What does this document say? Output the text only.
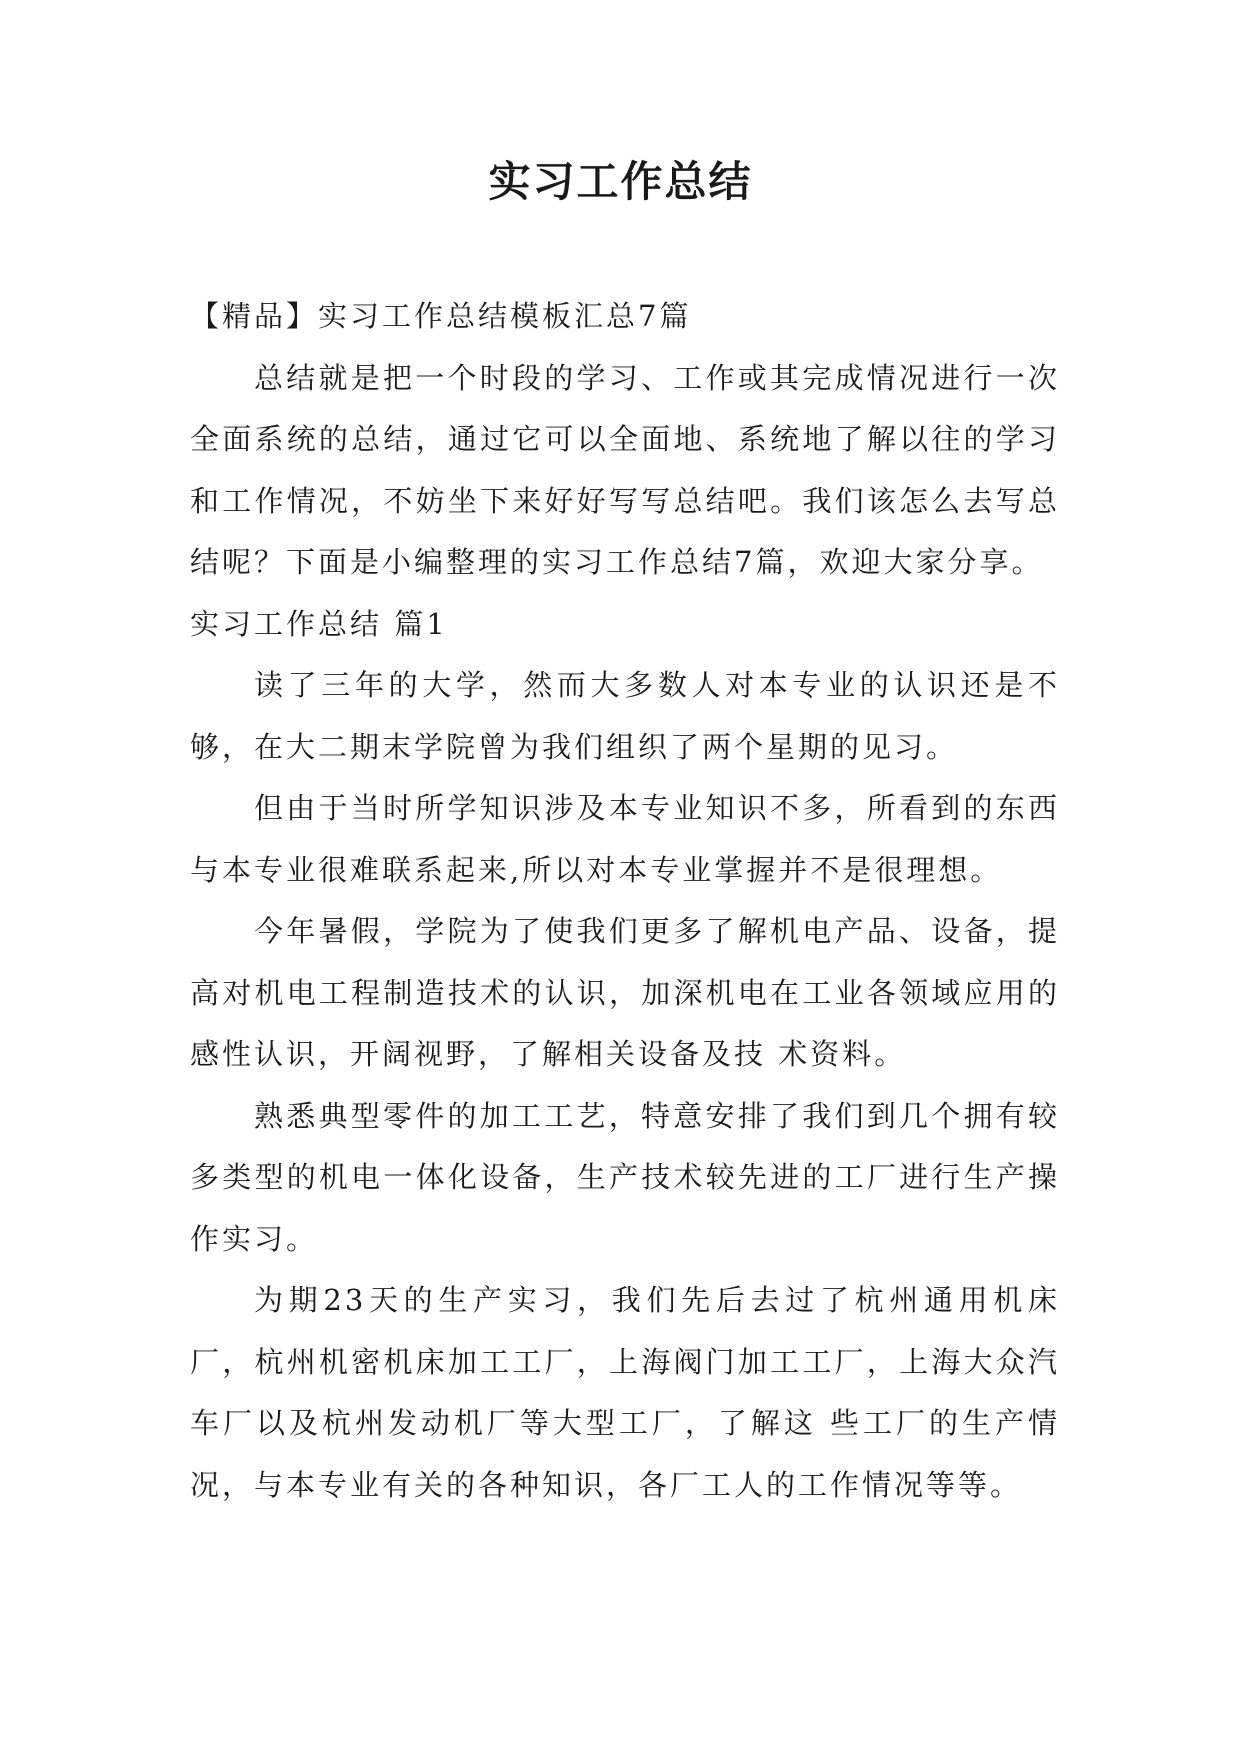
实习工作总结

【精品】实习工作总结模板汇总7篇

总结就是把一个时段的学习、工作或其完成情况进行一次全面系统的总结，通过它可以全面地、系统地了解以往的学习和工作情况，不妨坐下来好好写写总结吧。我们该怎么去写总结呢？下面是小编整理的实习工作总结7篇，欢迎大家分享。

实习工作总结 篇1

读了三年的大学，然而大多数人对本专业的认识还是不够，在大二期末学院曾为我们组织了两个星期的见习。

但由于当时所学知识涉及本专业知识不多，所看到的东西与本专业很难联系起来,所以对本专业掌握并不是很理想。

今年暑假，学院为了使我们更多了解机电产品、设备，提高对机电工程制造技术的认识，加深机电在工业各领域应用的感性认识，开阔视野，了解相关设备及技 术资料。

熟悉典型零件的加工工艺，特意安排了我们到几个拥有较多类型的机电一体化设备，生产技术较先进的工厂进行生产操作实习。

为期23天的生产实习，我们先后去过了杭州通用机床厂，杭州机密机床加工工厂，上海阀门加工工厂，上海大众汽车厂以及杭州发动机厂等大型工厂，了解这 些工厂的生产情况，与本专业有关的各种知识，各厂工人的工作情况等等。
